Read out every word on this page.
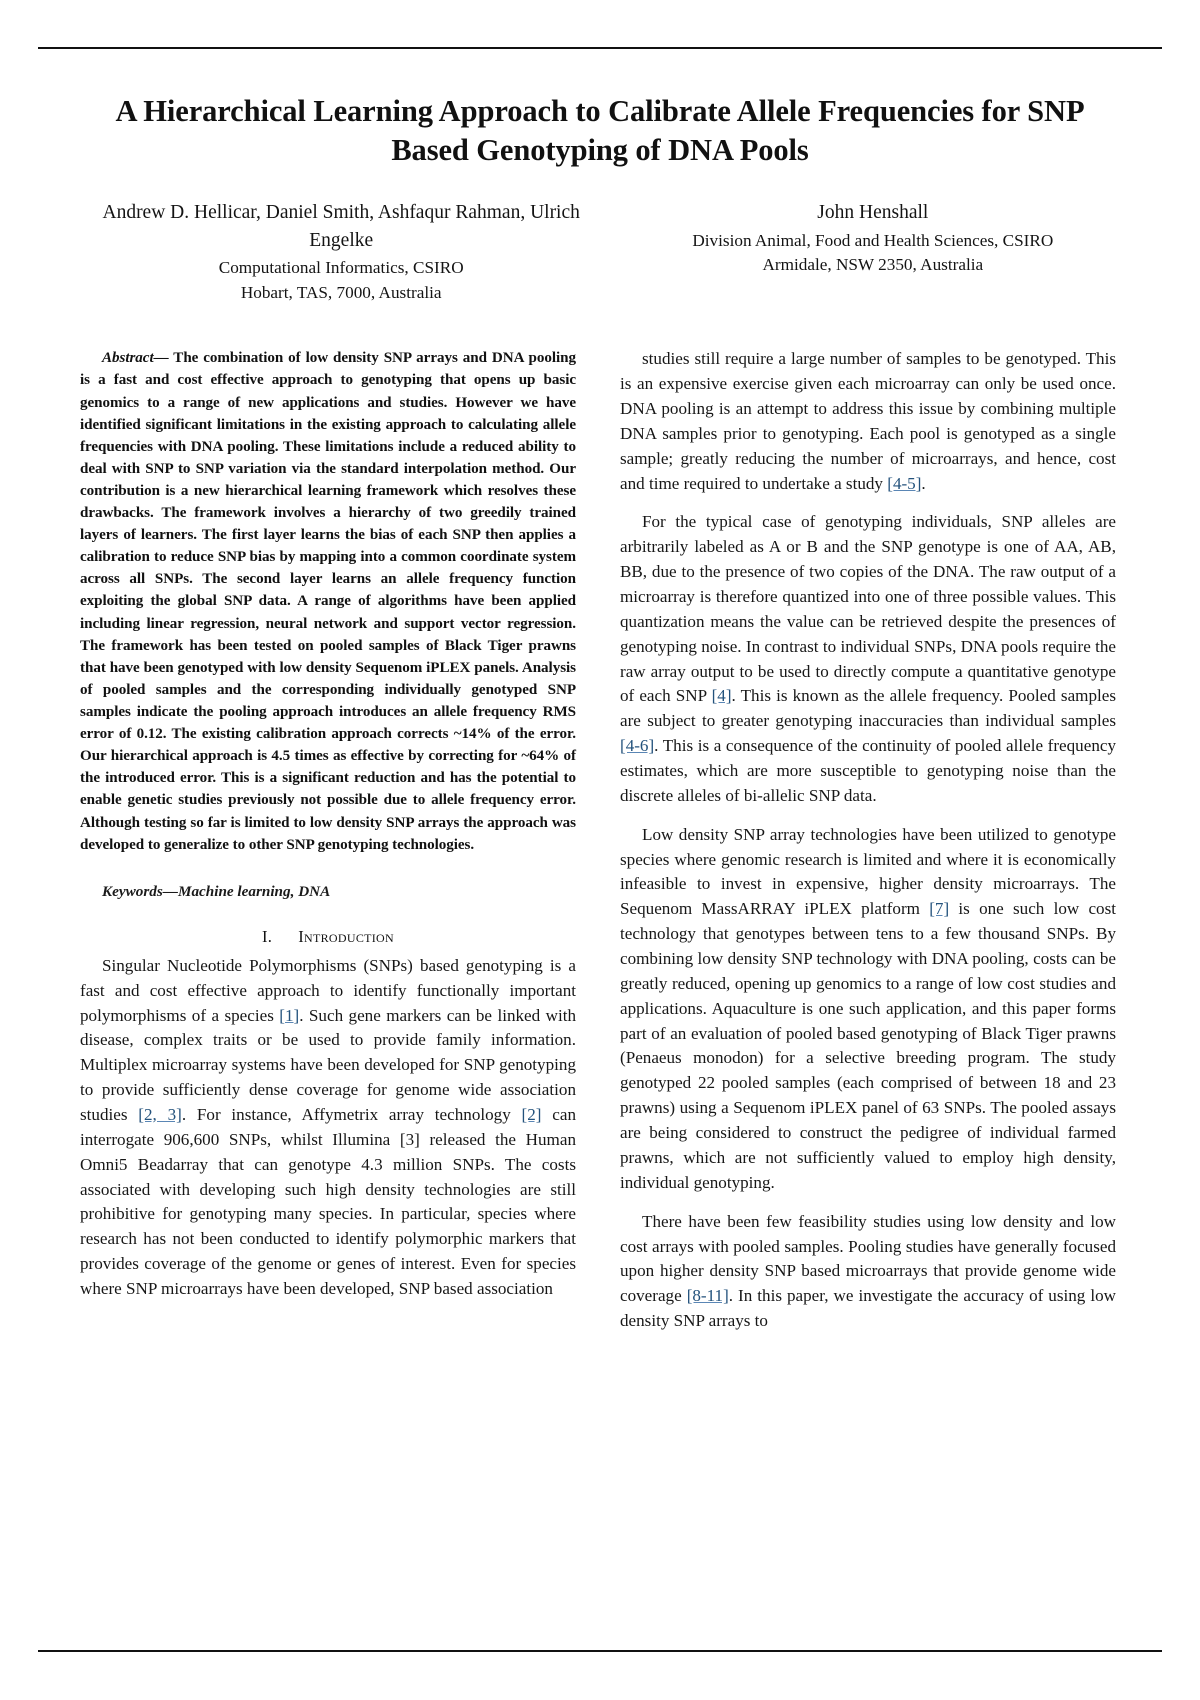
A Hierarchical Learning Approach to Calibrate Allele Frequencies for SNP Based Genotyping of DNA Pools
Andrew D. Hellicar, Daniel Smith, Ashfaqur Rahman, Ulrich Engelke
Computational Informatics, CSIRO
Hobart, TAS, 7000, Australia
John Henshall
Division Animal, Food and Health Sciences, CSIRO
Armidale, NSW 2350, Australia

Abstract— The combination of low density SNP arrays and DNA pooling is a fast and cost effective approach to genotyping that opens up basic genomics to a range of new applications and studies. However we have identified significant limitations in the existing approach to calculating allele frequencies with DNA pooling. These limitations include a reduced ability to deal with SNP to SNP variation via the standard interpolation method. Our contribution is a new hierarchical learning framework which resolves these drawbacks. The framework involves a hierarchy of two greedily trained layers of learners. The first layer learns the bias of each SNP then applies a calibration to reduce SNP bias by mapping into a common coordinate system across all SNPs. The second layer learns an allele frequency function exploiting the global SNP data. A range of algorithms have been applied including linear regression, neural network and support vector regression. The framework has been tested on pooled samples of Black Tiger prawns that have been genotyped with low density Sequenom iPLEX panels. Analysis of pooled samples and the corresponding individually genotyped SNP samples indicate the pooling approach introduces an allele frequency RMS error of 0.12. The existing calibration approach corrects ~14% of the error. Our hierarchical approach is 4.5 times as effective by correcting for ~64% of the introduced error. This is a significant reduction and has the potential to enable genetic studies previously not possible due to allele frequency error. Although testing so far is limited to low density SNP arrays the approach was developed to generalize to other SNP genotyping technologies.

Keywords—Machine learning, DNA

I. Introduction

Singular Nucleotide Polymorphisms (SNPs) based genotyping is a fast and cost effective approach to identify functionally important polymorphisms of a species [1]. Such gene markers can be linked with disease, complex traits or be used to provide family information. Multiplex microarray systems have been developed for SNP genotyping to provide sufficiently dense coverage for genome wide association studies [2, 3]. For instance, Affymetrix array technology [2] can interrogate 906,600 SNPs, whilst Illumina [3] released the Human Omni5 Beadarray that can genotype 4.3 million SNPs. The costs associated with developing such high density technologies are still prohibitive for genotyping many species. In particular, species where research has not been conducted to identify polymorphic markers that provides coverage of the genome or genes of interest. Even for species where SNP microarrays have been developed, SNP based association

studies still require a large number of samples to be genotyped. This is an expensive exercise given each microarray can only be used once. DNA pooling is an attempt to address this issue by combining multiple DNA samples prior to genotyping. Each pool is genotyped as a single sample; greatly reducing the number of microarrays, and hence, cost and time required to undertake a study [4-5].

For the typical case of genotyping individuals, SNP alleles are arbitrarily labeled as A or B and the SNP genotype is one of AA, AB, BB, due to the presence of two copies of the DNA. The raw output of a microarray is therefore quantized into one of three possible values. This quantization means the value can be retrieved despite the presences of genotyping noise. In contrast to individual SNPs, DNA pools require the raw array output to be used to directly compute a quantitative genotype of each SNP [4]. This is known as the allele frequency. Pooled samples are subject to greater genotyping inaccuracies than individual samples [4-6]. This is a consequence of the continuity of pooled allele frequency estimates, which are more susceptible to genotyping noise than the discrete alleles of bi-allelic SNP data.

Low density SNP array technologies have been utilized to genotype species where genomic research is limited and where it is economically infeasible to invest in expensive, higher density microarrays. The Sequenom MassARRAY iPLEX platform [7] is one such low cost technology that genotypes between tens to a few thousand SNPs. By combining low density SNP technology with DNA pooling, costs can be greatly reduced, opening up genomics to a range of low cost studies and applications. Aquaculture is one such application, and this paper forms part of an evaluation of pooled based genotyping of Black Tiger prawns (Penaeus monodon) for a selective breeding program. The study genotyped 22 pooled samples (each comprised of between 18 and 23 prawns) using a Sequenom iPLEX panel of 63 SNPs. The pooled assays are being considered to construct the pedigree of individual farmed prawns, which are not sufficiently valued to employ high density, individual genotyping.

There have been few feasibility studies using low density and low cost arrays with pooled samples. Pooling studies have generally focused upon higher density SNP based microarrays that provide genome wide coverage [8-11]. In this paper, we investigate the accuracy of using low density SNP arrays to
